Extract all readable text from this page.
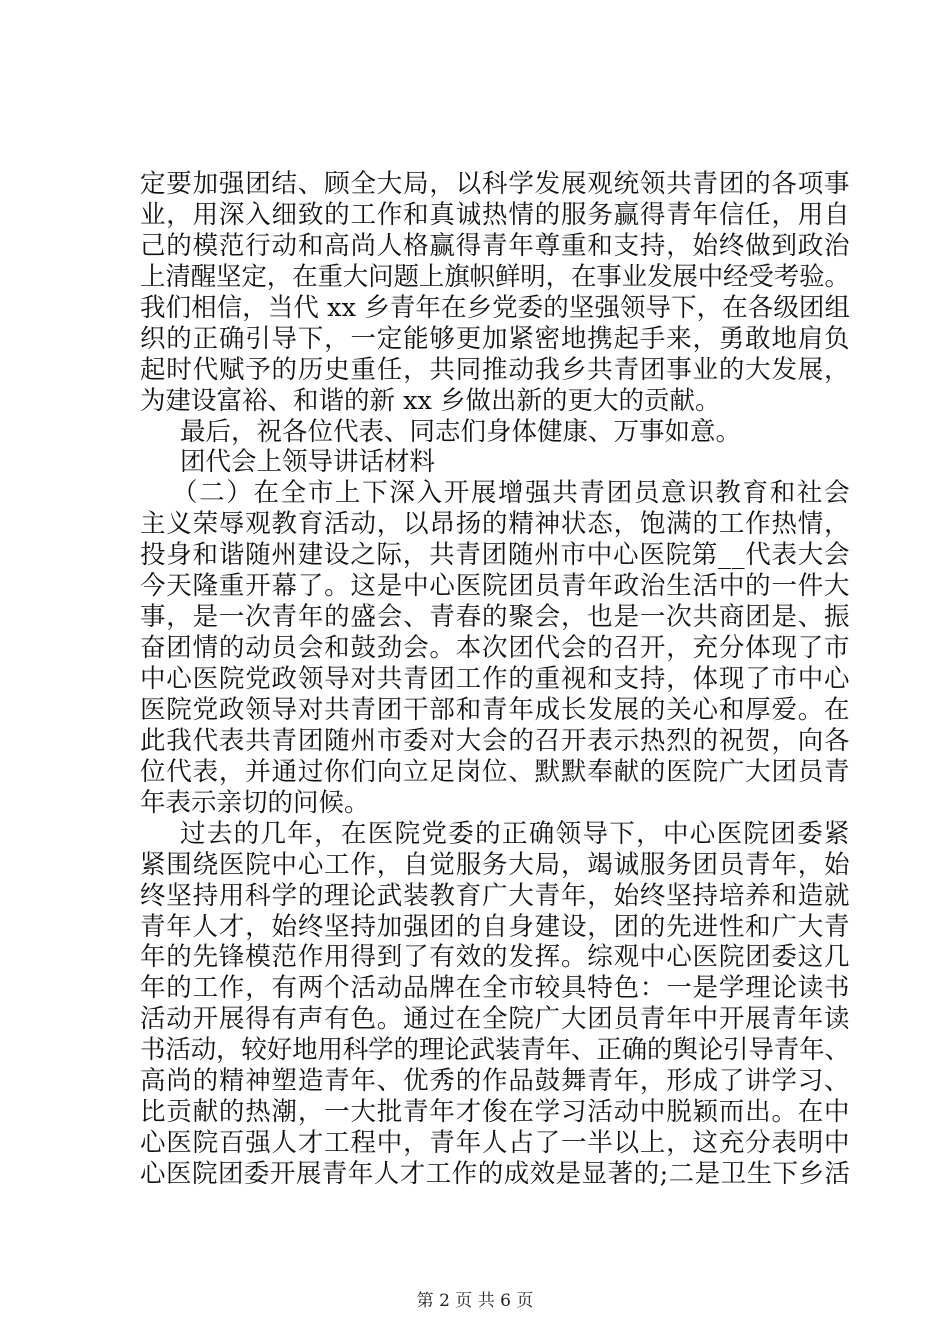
定要加强团结、顾全大局，以科学发展观统领共青团的各项事
业，用深入细致的工作和真诚热情的服务赢得青年信任，用自
己的模范行动和高尚人格赢得青年尊重和支持，始终做到政治
上清醒坚定，在重大问题上旗帜鲜明，在事业发展中经受考验。
我们相信，当代 xx 乡青年在乡党委的坚强领导下，在各级团组
织的正确引导下，一定能够更加紧密地携起手来，勇敢地肩负
起时代赋予的历史重任，共同推动我乡共青团事业的大发展，
为建设富裕、和谐的新 xx 乡做出新的更大的贡献。
最后，祝各位代表、同志们身体健康、万事如意。
团代会上领导讲话材料
（二）在全市上下深入开展增强共青团员意识教育和社会
主义荣辱观教育活动，以昂扬的精神状态，饱满的工作热情，
投身和谐随州建设之际，共青团随州市中心医院第__代表大会
今天隆重开幕了。这是中心医院团员青年政治生活中的一件大
事，是一次青年的盛会、青春的聚会，也是一次共商团是、振
奋团情的动员会和鼓劲会。本次团代会的召开，充分体现了市
中心医院党政领导对共青团工作的重视和支持，体现了市中心
医院党政领导对共青团干部和青年成长发展的关心和厚爱。在
此我代表共青团随州市委对大会的召开表示热烈的祝贺，向各
位代表，并通过你们向立足岗位、默默奉献的医院广大团员青
年表示亲切的问候。
过去的几年，在医院党委的正确领导下，中心医院团委紧
紧围绕医院中心工作，自觉服务大局，竭诚服务团员青年，始
终坚持用科学的理论武装教育广大青年，始终坚持培养和造就
青年人才，始终坚持加强团的自身建设，团的先进性和广大青
年的先锋模范作用得到了有效的发挥。综观中心医院团委这几
年的工作，有两个活动品牌在全市较具特色：一是学理论读书
活动开展得有声有色。通过在全院广大团员青年中开展青年读
书活动，较好地用科学的理论武装青年、正确的舆论引导青年、
高尚的精神塑造青年、优秀的作品鼓舞青年，形成了讲学习、
比贡献的热潮，一大批青年才俊在学习活动中脱颖而出。在中
心医院百强人才工程中，青年人占了一半以上，这充分表明中
心医院团委开展青年人才工作的成效是显著的;二是卫生下乡活
第 2 页 共 6 页
